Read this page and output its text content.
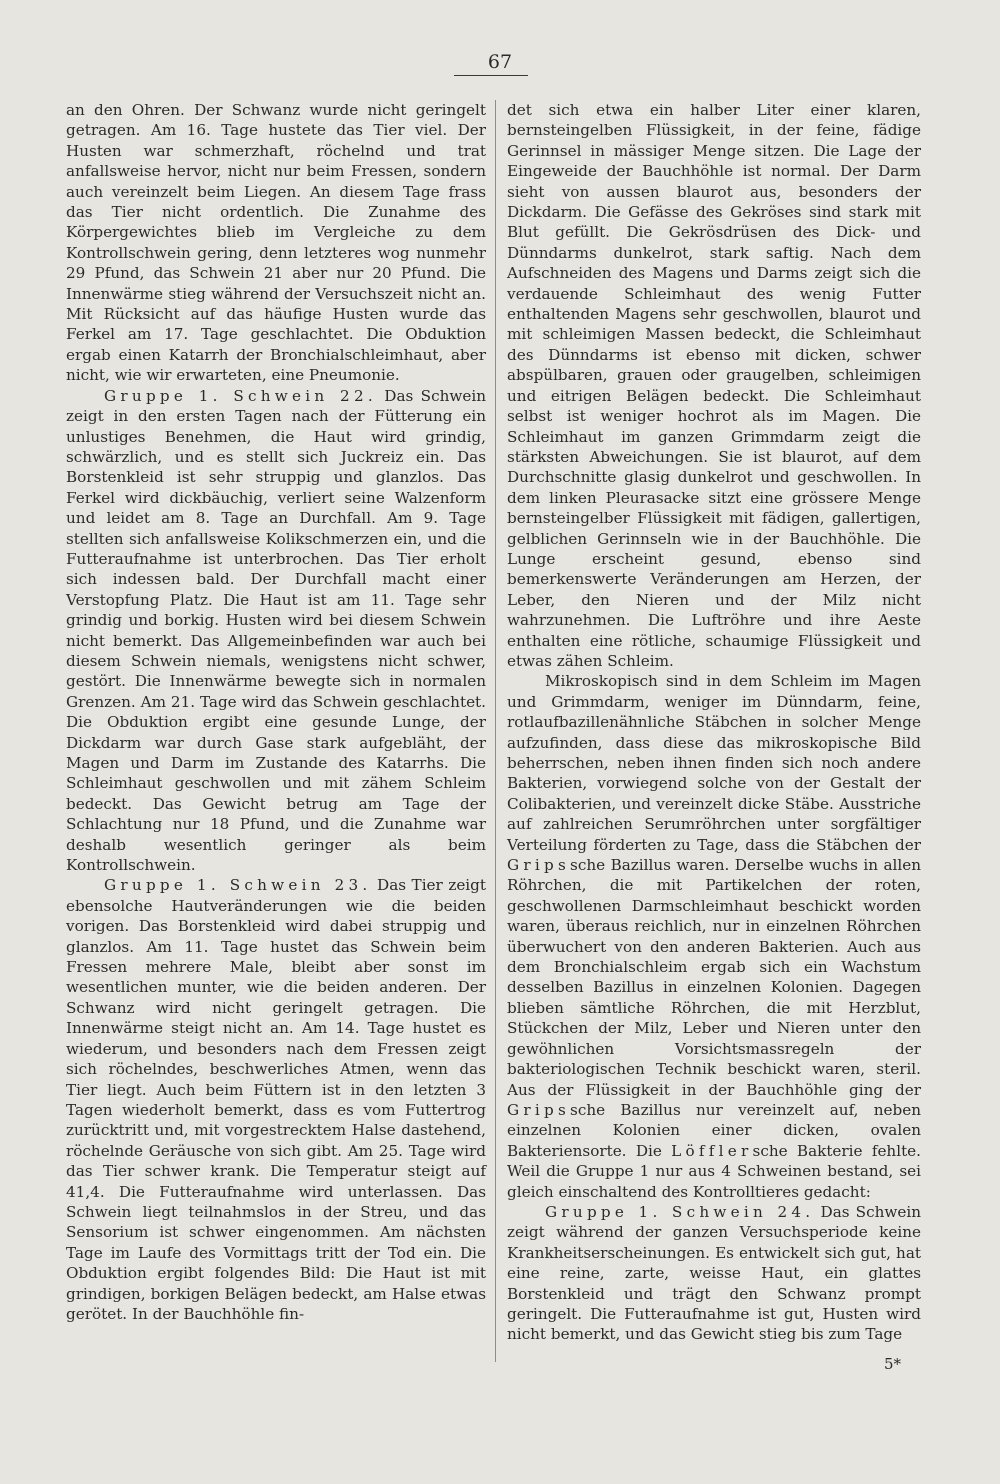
67

an den Ohren. Der Schwanz wurde nicht geringelt getragen. Am 16. Tage hustete das Tier viel. Der Husten war schmerzhaft, röchelnd und trat anfallsweise hervor, nicht nur beim Fressen, sondern auch vereinzelt beim Liegen. An diesem Tage frass das Tier nicht ordentlich. Die Zunahme des Körpergewichtes blieb im Vergleiche zu dem Kontrollschwein gering, denn letzteres wog nunmehr 29 Pfund, das Schwein 21 aber nur 20 Pfund. Die Innenwärme stieg während der Versuchszeit nicht an. Mit Rücksicht auf das häufige Husten wurde das Ferkel am 17. Tage geschlachtet. Die Obduktion ergab einen Katarrh der Bronchialschleimhaut, aber nicht, wie wir erwarteten, eine Pneumonie.

Gruppe 1. Schwein 22. Das Schwein zeigt in den ersten Tagen nach der Fütterung ein unlustiges Benehmen, die Haut wird grindig, schwärzlich, und es stellt sich Juckreiz ein. Das Borstenkleid ist sehr struppig und glanzlos. Das Ferkel wird dickbäuchig, verliert seine Walzenform und leidet am 8. Tage an Durchfall. Am 9. Tage stellten sich anfallsweise Kolikschmerzen ein, und die Futteraufnahme ist unterbrochen. Das Tier erholt sich indessen bald. Der Durchfall macht einer Verstopfung Platz. Die Haut ist am 11. Tage sehr grindig und borkig. Husten wird bei diesem Schwein nicht bemerkt. Das Allgemeinbefinden war auch bei diesem Schwein niemals, wenigstens nicht schwer, gestört. Die Innenwärme bewegte sich in normalen Grenzen. Am 21. Tage wird das Schwein geschlachtet. Die Obduktion ergibt eine gesunde Lunge, der Dickdarm war durch Gase stark aufgebläht, der Magen und Darm im Zustande des Katarrhs. Die Schleimhaut geschwollen und mit zähem Schleim bedeckt. Das Gewicht betrug am Tage der Schlachtung nur 18 Pfund, und die Zunahme war deshalb wesentlich geringer als beim Kontrollschwein.

Gruppe 1. Schwein 23. Das Tier zeigt ebensolche Hautveränderungen wie die beiden vorigen. Das Borstenkleid wird dabei struppig und glanzlos. Am 11. Tage hustet das Schwein beim Fressen mehrere Male, bleibt aber sonst im wesentlichen munter, wie die beiden anderen. Der Schwanz wird nicht geringelt getragen. Die Innenwärme steigt nicht an. Am 14. Tage hustet es wiederum, und besonders nach dem Fressen zeigt sich röchelndes, beschwerliches Atmen, wenn das Tier liegt. Auch beim Füttern ist in den letzten 3 Tagen wiederholt bemerkt, dass es vom Futtertrog zurücktritt und, mit vorgestrecktem Halse dastehend, röchelnde Geräusche von sich gibt. Am 25. Tage wird das Tier schwer krank. Die Temperatur steigt auf 41,4. Die Futteraufnahme wird unterlassen. Das Schwein liegt teilnahmslos in der Streu, und das Sensorium ist schwer eingenommen. Am nächsten Tage im Laufe des Vormittags tritt der Tod ein. Die Obduktion ergibt folgendes Bild: Die Haut ist mit grindigen, borkigen Belägen bedeckt, am Halse etwas gerötet. In der Bauchhöhle fin-

det sich etwa ein halber Liter einer klaren, bernsteingelben Flüssigkeit, in der feine, fädige Gerinnsel in mässiger Menge sitzen. Die Lage der Eingeweide der Bauchhöhle ist normal. Der Darm sieht von aussen blaurot aus, besonders der Dickdarm. Die Gefässe des Gekröses sind stark mit Blut gefüllt. Die Gekrösdrüsen des Dick- und Dünndarms dunkelrot, stark saftig. Nach dem Aufschneiden des Magens und Darms zeigt sich die verdauende Schleimhaut des wenig Futter enthaltenden Magens sehr geschwollen, blaurot und mit schleimigen Massen bedeckt, die Schleimhaut des Dünndarms ist ebenso mit dicken, schwer abspülbaren, grauen oder graugelben, schleimigen und eitrigen Belägen bedeckt. Die Schleimhaut selbst ist weniger hochrot als im Magen. Die Schleimhaut im ganzen Grimmdarm zeigt die stärksten Abweichungen. Sie ist blaurot, auf dem Durchschnitte glasig dunkelrot und geschwollen. In dem linken Pleurasacke sitzt eine grössere Menge bernsteingelber Flüssigkeit mit fädigen, gallertigen, gelblichen Gerinnseln wie in der Bauchhöhle. Die Lunge erscheint gesund, ebenso sind bemerkenswerte Veränderungen am Herzen, der Leber, den Nieren und der Milz nicht wahrzunehmen. Die Luftröhre und ihre Aeste enthalten eine rötliche, schaumige Flüssigkeit und etwas zähen Schleim.

Mikroskopisch sind in dem Schleim im Magen und Grimmdarm, weniger im Dünndarm, feine, rotlaufbazillenähnliche Stäbchen in solcher Menge aufzufinden, dass diese das mikroskopische Bild beherrschen, neben ihnen finden sich noch andere Bakterien, vorwiegend solche von der Gestalt der Colibakterien, und vereinzelt dicke Stäbe. Ausstriche auf zahlreichen Serumröhrchen unter sorgfältiger Verteilung förderten zu Tage, dass die Stäbchen der Gripssche Bazillus waren. Derselbe wuchs in allen Röhrchen, die mit Partikelchen der roten, geschwollenen Darmschleimhaut beschickt worden waren, überaus reichlich, nur in einzelnen Röhrchen überwuchert von den anderen Bakterien. Auch aus dem Bronchialschleim ergab sich ein Wachstum desselben Bazillus in einzelnen Kolonien. Dagegen blieben sämtliche Röhrchen, die mit Herzblut, Stückchen der Milz, Leber und Nieren unter den gewöhnlichen Vorsichtsmassregeln der bakteriologischen Technik beschickt waren, steril. Aus der Flüssigkeit in der Bauchhöhle ging der Gripssche Bazillus nur vereinzelt auf, neben einzelnen Kolonien einer dicken, ovalen Bakteriensorte. Die Löfflersche Bakterie fehlte. Weil die Gruppe 1 nur aus 4 Schweinen bestand, sei gleich einschaltend des Kontrolltieres gedacht:

Gruppe 1. Schwein 24. Das Schwein zeigt während der ganzen Versuchsperiode keine Krankheitserscheinungen. Es entwickelt sich gut, hat eine reine, zarte, weisse Haut, ein glattes Borstenkleid und trägt den Schwanz prompt geringelt. Die Futteraufnahme ist gut, Husten wird nicht bemerkt, und das Gewicht stieg bis zum Tage

5*
